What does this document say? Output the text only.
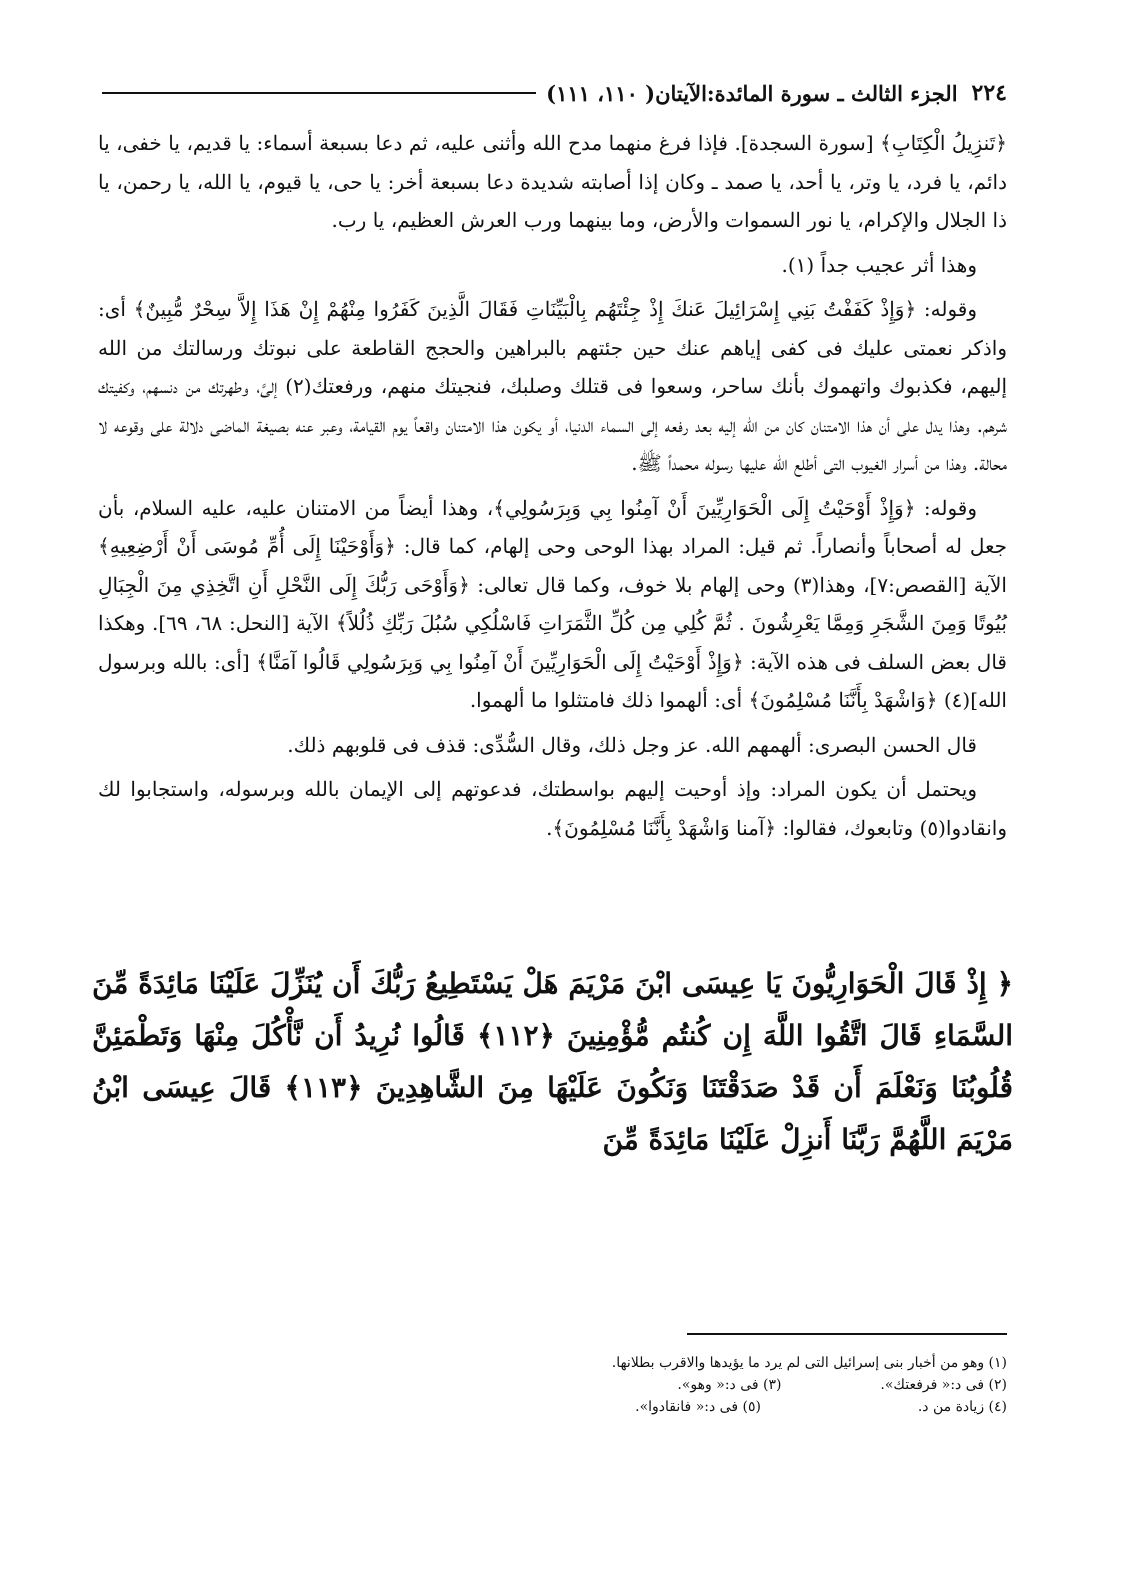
٢٢٤
الجزء الثالث ـ سورة المائدة:الآيتان( ١١٠، ١١١)

﴿تَنزِيلُ الْكِتَابِ﴾ [سورة السجدة]. فإذا فرغ منهما مدح الله وأثنى عليه، ثم دعا بسبعة أسماء: يا قديم، يا خفى، يا دائم، يا فرد، يا وتر، يا أحد، يا صمد ـ وكان إذا أصابته شديدة دعا بسبعة أخر: يا حى، يا قيوم، يا الله، يا رحمن، يا ذا الجلال والإكرام، يا نور السموات والأرض، وما بينهما ورب العرش العظيم، يا رب.

وهذا أثر عجيب جداً (١).

وقوله: ﴿وَإِذْ كَفَفْتُ بَنِي إِسْرَائِيلَ عَنكَ إِذْ جِئْتَهُم بِالْبَيِّنَاتِ فَقَالَ الَّذِينَ كَفَرُوا مِنْهُمْ إِنْ هَذَا إِلاَّ سِحْرٌ مُّبِينٌ﴾ أى: واذكر نعمتى عليك فى كفى إياهم عنك حين جئتهم بالبراهين والحجج القاطعة على نبوتك ورسالتك من الله إليهم، فكذبوك واتهموك بأنك ساحر، وسعوا فى قتلك وصلبك، فنجيتك منهم، ورفعتك(٢) إلىَّ، وطهرتك من دنسهم، وكفيتك شرهم. وهذا يدل على أن هذا الامتنان كان من الله إليه بعد رفعه إلى السماء الدنيا، أو يكون هذا الامتنان واقعاً يوم القيامة، وعبر عنه بصيغة الماضى دلالة على وقوعه لا محالة. وهذا من أسرار الغيوب التى أطلع الله عليها رسوله محمداً ﷺ.

وقوله: ﴿وَإِذْ أَوْحَيْتُ إِلَى الْحَوَارِيِّينَ أَنْ آمِنُوا بِي وَبِرَسُولِي﴾، وهذا أيضاً من الامتنان عليه، عليه السلام، بأن جعل له أصحاباً وأنصاراً. ثم قيل: المراد بهذا الوحى وحى إلهام، كما قال: ﴿وَأَوْحَيْنَا إِلَى أُمِّ مُوسَى أَنْ أَرْضِعِيهِ﴾ الآية [القصص:٧]، وهذا(٣) وحى إلهام بلا خوف، وكما قال تعالى: ﴿وَأَوْحَى رَبُّكَ إِلَى النَّحْلِ أَنِ اتَّخِذِي مِنَ الْجِبَالِ بُيُوتًا وَمِنَ الشَّجَرِ وَمِمَّا يَعْرِشُونَ . ثُمَّ كُلِي مِن كُلِّ الثَّمَرَاتِ فَاسْلُكِي سُبُلَ رَبِّكِ ذُلُلاً﴾ الآية [النحل: ٦٨، ٦٩]. وهكذا قال بعض السلف فى هذه الآية: ﴿وَإِذْ أَوْحَيْتُ إِلَى الْحَوَارِيِّينَ أَنْ آمِنُوا بِي وَبِرَسُولِي قَالُوا آمَنَّا﴾ [أى: بالله وبرسول الله](٤) ﴿وَاشْهَدْ بِأَنَّنَا مُسْلِمُونَ﴾ أى: ألهموا ذلك فامتثلوا ما ألهموا.

قال الحسن البصرى: ألهمهم الله. عز وجل ذلك، وقال السُّدِّى: قذف فى قلوبهم ذلك.

ويحتمل أن يكون المراد: وإذ أوحيت إليهم بواسطتك، فدعوتهم إلى الإيمان بالله وبرسوله، واستجابوا لك وانقادوا(٥) وتابعوك، فقالوا: ﴿آمنا وَاشْهَدْ بِأَنَّنَا مُسْلِمُونَ﴾.

﴿ إِذْ قَالَ الْحَوَارِيُّونَ يَا عِيسَى ابْنَ مَرْيَمَ هَلْ يَسْتَطِيعُ رَبُّكَ أَن يُنَزِّلَ عَلَيْنَا مَائِدَةً مِّنَ السَّمَاءِ قَالَ اتَّقُوا اللَّهَ إِن كُنتُم مُّؤْمِنِينَ ﴿١١٢﴾ قَالُوا نُرِيدُ أَن نَّأْكُلَ مِنْهَا وَتَطْمَئِنَّ قُلُوبُنَا وَنَعْلَمَ أَن قَدْ صَدَقْتَنَا وَنَكُونَ عَلَيْهَا مِنَ الشَّاهِدِينَ ﴿١١٣﴾ قَالَ عِيسَى ابْنُ مَرْيَمَ اللَّهُمَّ رَبَّنَا أَنزِلْ عَلَيْنَا مَائِدَةً مِّنَ
(١) وهو من أخبار بنى إسرائيل التى لم يرد ما يؤيدها والاقرب بطلانها.
(٢) فى د:« فرفعتك».  (٣) فى د:« وهو».
(٤) زيادة من د.  (٥) فى د:« فانقادوا».
